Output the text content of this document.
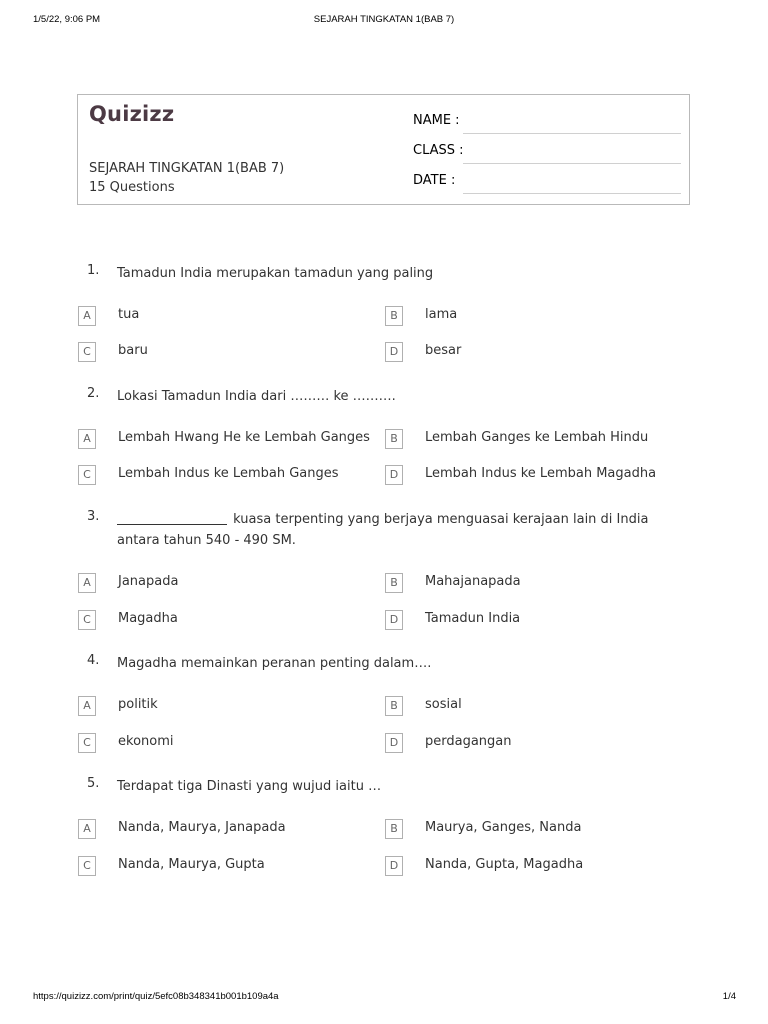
1/5/22, 9:06 PM	SEJARAH TINGKATAN 1(BAB 7)
Quizizz
SEJARAH TINGKATAN 1(BAB 7)
15 Questions
NAME :
CLASS :
DATE :
1.	Tamadun India merupakan tamadun yang paling
A	tua	B	lama
C	baru	D	besar
2.	Lokasi Tamadun India dari ……… ke ……….
A	Lembah Hwang He ke Lembah Ganges	B	Lembah Ganges ke Lembah Hindu
C	Lembah Indus ke Lembah Ganges	D	Lembah Indus ke Lembah Magadha
3.	kuasa terpenting yang berjaya menguasai kerajaan lain di India antara tahun 540 - 490 SM.
A	Janapada	B	Mahajanapada
C	Magadha	D	Tamadun India
4.	Magadha memainkan peranan penting dalam….
A	politik	B	sosial
C	ekonomi	D	perdagangan
5.	Terdapat tiga Dinasti yang wujud iaitu …
A	Nanda, Maurya, Janapada	B	Maurya, Ganges, Nanda
C	Nanda, Maurya, Gupta	D	Nanda, Gupta, Magadha
https://quizizz.com/print/quiz/5efc08b348341b001b109a4a	1/4
